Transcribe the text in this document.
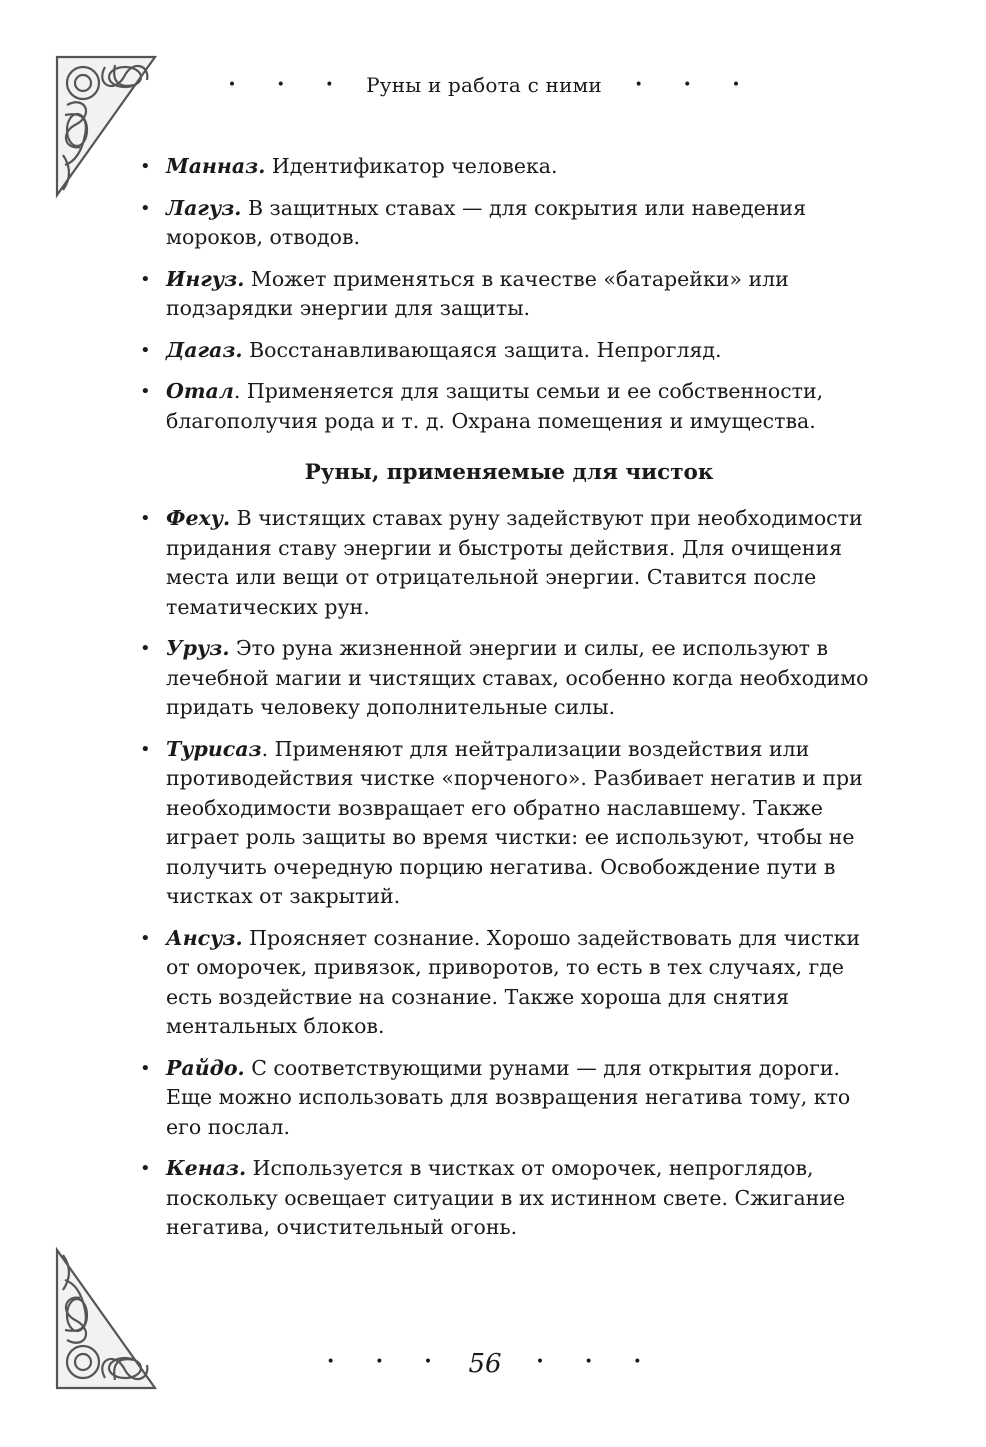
• • • Руны и работа с ними • • •
• Манназ. Идентификатор человека.
• Лагуз. В защитных ставах — для сокрытия или наведения мороков, отводов.
• Ингуз. Может применяться в качестве «батарейки» или подзарядки энергии для защиты.
• Дагаз. Восстанавливающаяся защита. Непрогляд.
• Отал. Применяется для защиты семьи и ее собственности, благополучия рода и т. д. Охрана помещения и имущества.
Руны, применяемые для чисток
• Феху. В чистящих ставах руну задействуют при необходимости придания ставу энергии и быстроты действия. Для очищения места или вещи от отрицательной энергии. Ставится после тематических рун.
• Уруз. Это руна жизненной энергии и силы, ее используют в лечебной магии и чистящих ставах, особенно когда необходимо придать человеку дополнительные силы.
• Турисаз. Применяют для нейтрализации воздействия или противодействия чистке «порченого». Разбивает негатив и при необходимости возвращает его обратно наславшему. Также играет роль защиты во время чистки: ее используют, чтобы не получить очередную порцию негатива. Освобождение пути в чистках от закрытий.
• Ансуз. Проясняет сознание. Хорошо задействовать для чистки от оморочек, привязок, приворотов, то есть в тех случаях, где есть воздействие на сознание. Также хороша для снятия ментальных блоков.
• Райдо. С соответствующими рунами — для открытия дороги. Еще можно использовать для возвращения негатива тому, кто его послал.
• Кеназ. Используется в чистках от оморочек, непроглядов, поскольку освещает ситуации в их истинном свете. Сжигание негатива, очистительный огонь.
• • • 56 • • •
